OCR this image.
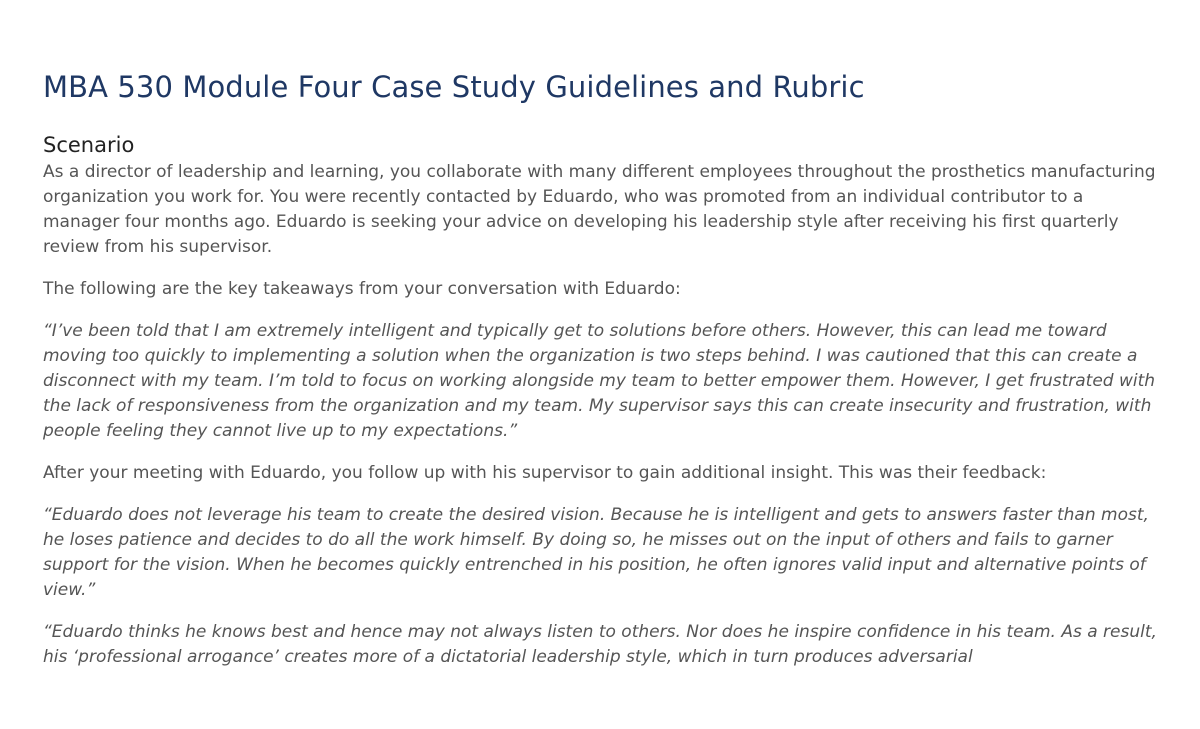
MBA 530 Module Four Case Study Guidelines and Rubric
Scenario

As a director of leadership and learning, you collaborate with many different employees throughout the prosthetics manufacturing organization you work for. You were recently contacted by Eduardo, who was promoted from an individual contributor to a manager four months ago. Eduardo is seeking your advice on developing his leadership style after receiving his first quarterly review from his supervisor.

The following are the key takeaways from your conversation with Eduardo:

“I’ve been told that I am extremely intelligent and typically get to solutions before others. However, this can lead me toward moving too quickly to implementing a solution when the organization is two steps behind. I was cautioned that this can create a disconnect with my team. I’m told to focus on working alongside my team to better empower them. However, I get frustrated with the lack of responsiveness from the organization and my team. My supervisor says this can create insecurity and frustration, with people feeling they cannot live up to my expectations.”

After your meeting with Eduardo, you follow up with his supervisor to gain additional insight. This was their feedback:

“Eduardo does not leverage his team to create the desired vision. Because he is intelligent and gets to answers faster than most, he loses patience and decides to do all the work himself. By doing so, he misses out on the input of others and fails to garner support for the vision. When he becomes quickly entrenched in his position, he often ignores valid input and alternative points of view.”

“Eduardo thinks he knows best and hence may not always listen to others. Nor does he inspire confidence in his team. As a result, his ‘professional arrogance’ creates more of a dictatorial leadership style, which in turn produces adversarial
